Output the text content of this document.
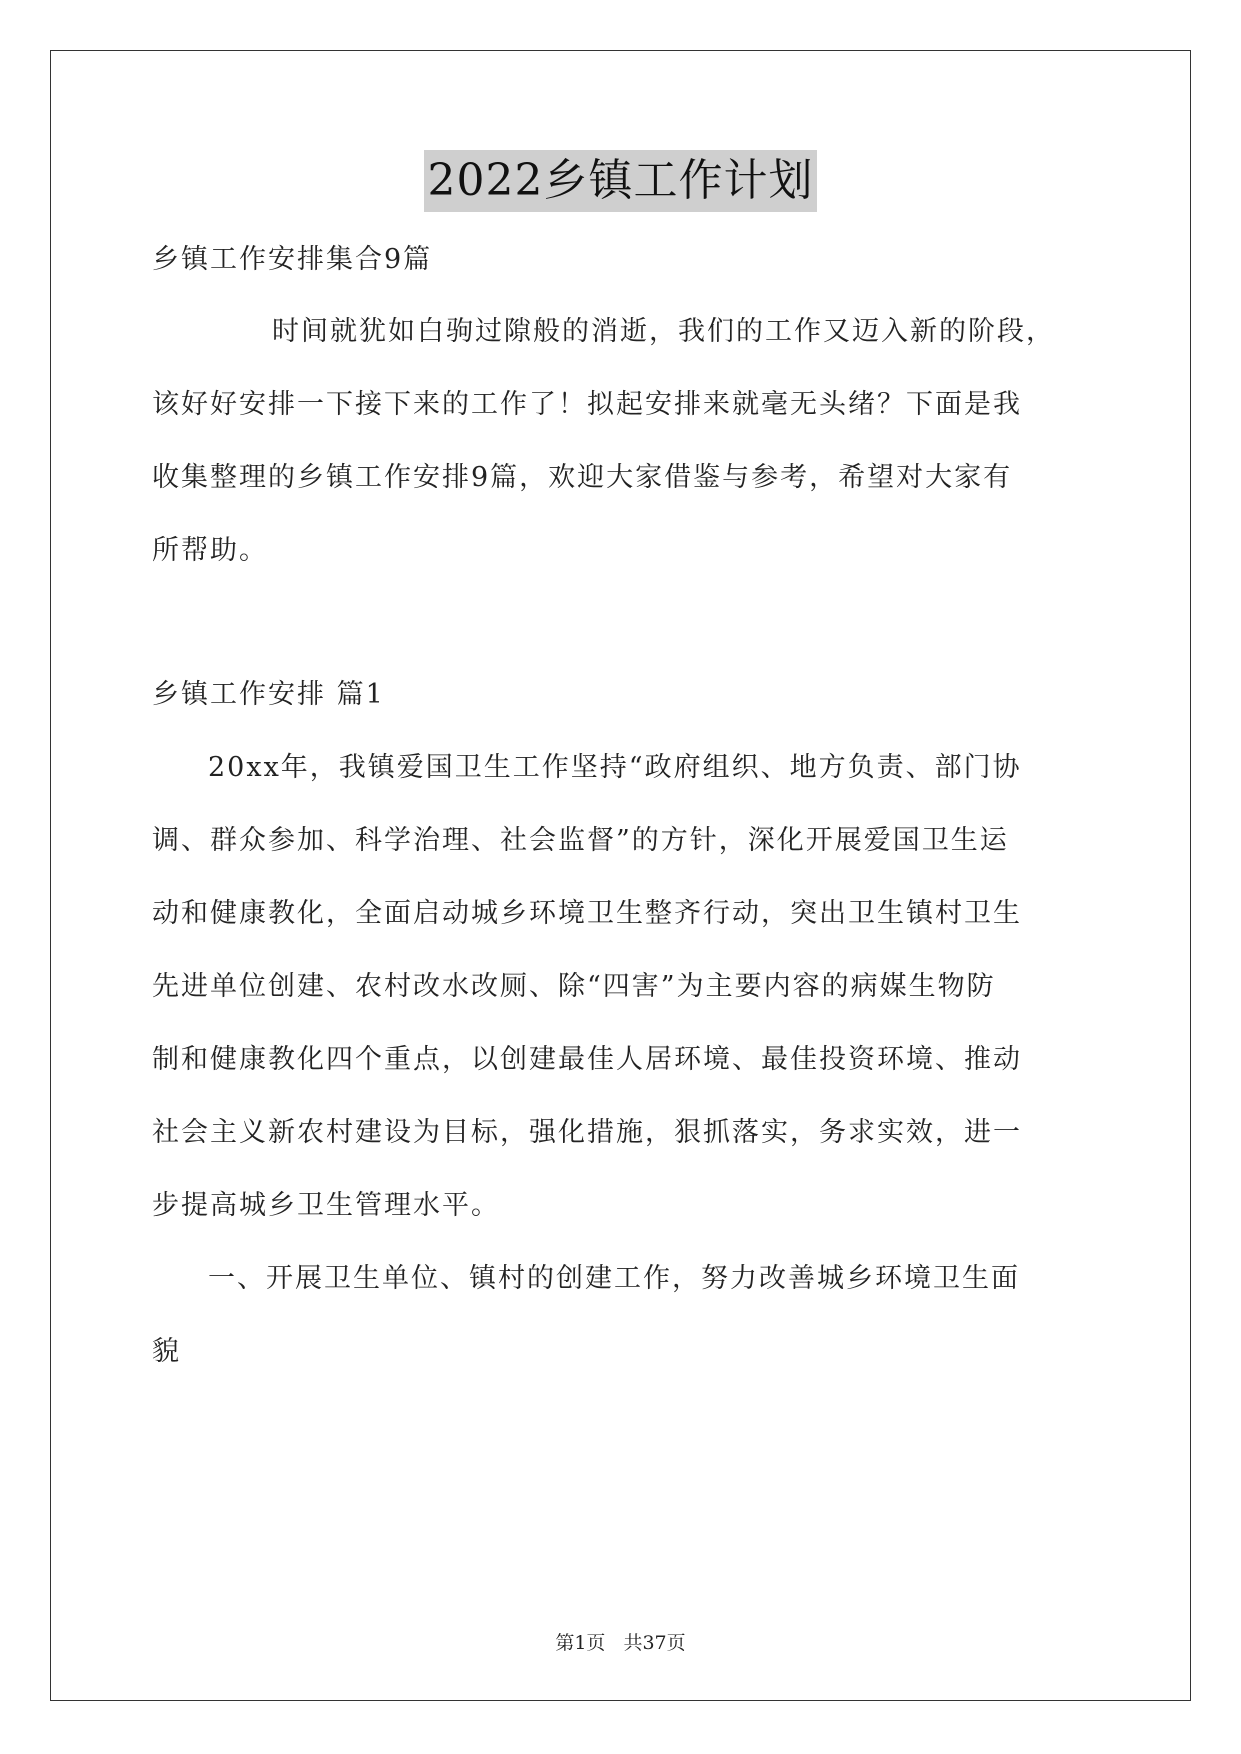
2022乡镇工作计划
乡镇工作安排集合9篇
时间就犹如白驹过隙般的消逝，我们的工作又迈入新的阶段，
该好好安排一下接下来的工作了！拟起安排来就毫无头绪？下面是我
收集整理的乡镇工作安排9篇，欢迎大家借鉴与参考，希望对大家有
所帮助。
乡镇工作安排 篇1
20xx年，我镇爱国卫生工作坚持“政府组织、地方负责、部门协
调、群众参加、科学治理、社会监督”的方针，深化开展爱国卫生运
动和健康教化，全面启动城乡环境卫生整齐行动，突出卫生镇村卫生
先进单位创建、农村改水改厕、除“四害”为主要内容的病媒生物防
制和健康教化四个重点，以创建最佳人居环境、最佳投资环境、推动
社会主义新农村建设为目标，强化措施，狠抓落实，务求实效，进一
步提高城乡卫生管理水平。
一、开展卫生单位、镇村的创建工作，努力改善城乡环境卫生面
貌
第1页 共37页
